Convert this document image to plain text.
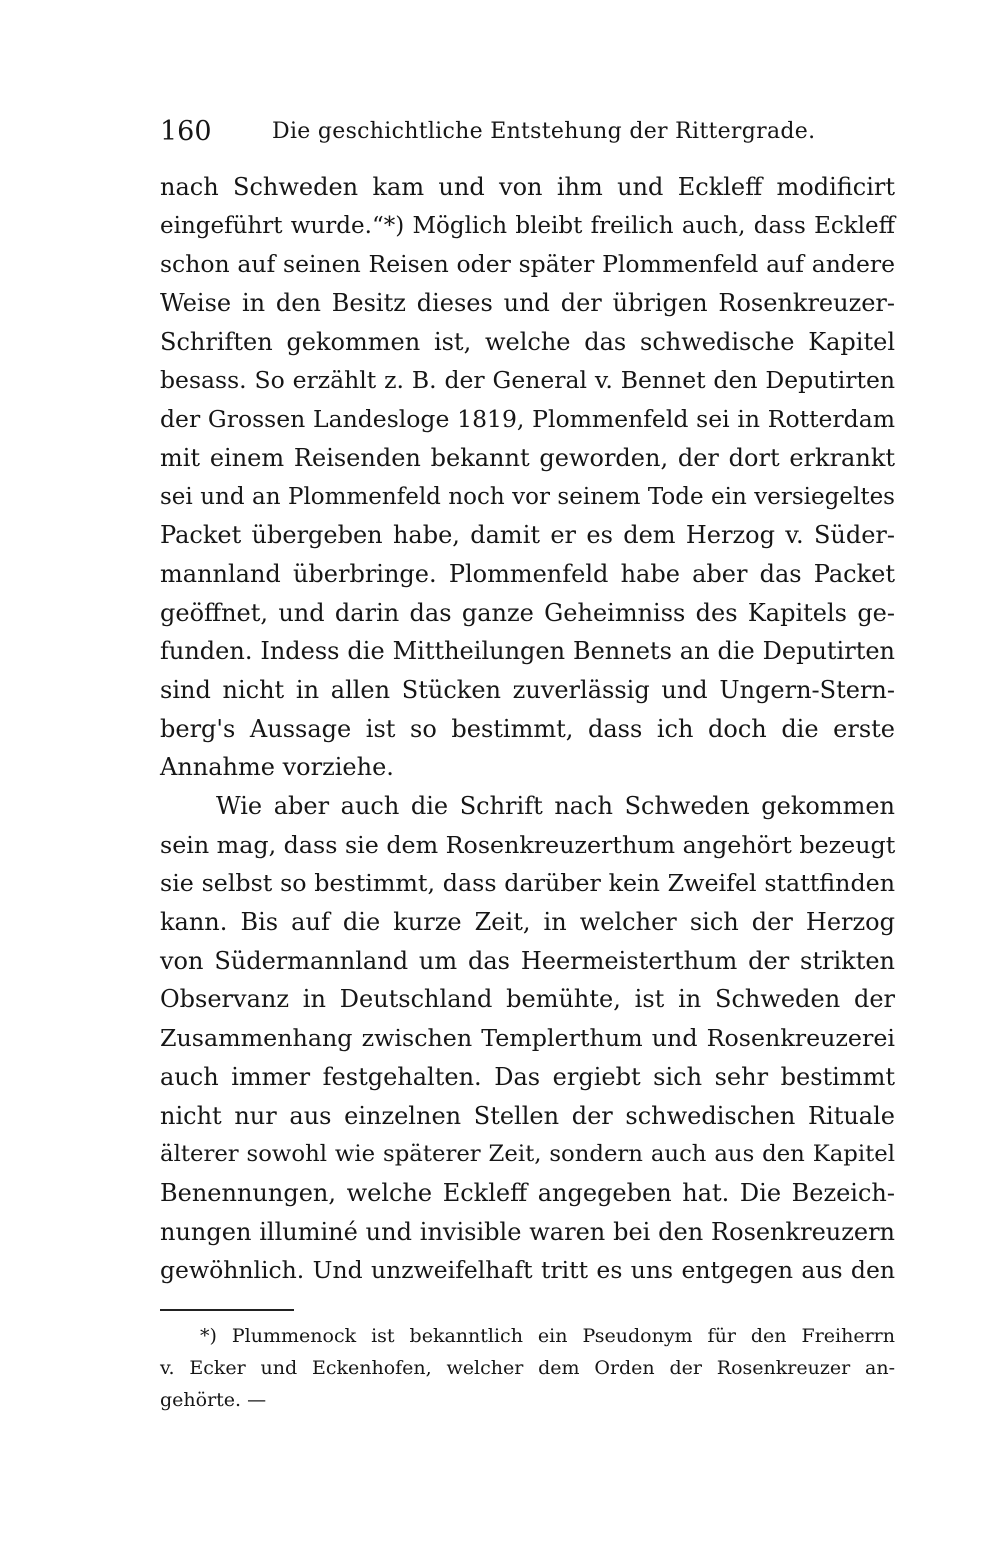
160	Die geschichtliche Entstehung der Rittergrade.
nach Schweden kam und von ihm und Eckleff modificirt
eingeführt wurde.“*) Möglich bleibt freilich auch, dass Eckleff
schon auf seinen Reisen oder später Plommenfeld auf andere
Weise in den Besitz dieses und der übrigen Rosenkreuzer-
Schriften gekommen ist, welche das schwedische Kapitel
besass. So erzählt z. B. der General v. Bennet den Deputirten
der Grossen Landesloge 1819, Plommenfeld sei in Rotterdam
mit einem Reisenden bekannt geworden, der dort erkrankt
sei und an Plommenfeld noch vor seinem Tode ein versiegeltes
Packet übergeben habe, damit er es dem Herzog v. Süder-
mannland überbringe. Plommenfeld habe aber das Packet
geöffnet, und darin das ganze Geheimniss des Kapitels ge-
funden. Indess die Mittheilungen Bennets an die Deputirten
sind nicht in allen Stücken zuverlässig und Ungern-Stern-
berg's Aussage ist so bestimmt, dass ich doch die erste
Annahme vorziehe.
Wie aber auch die Schrift nach Schweden gekommen
sein mag, dass sie dem Rosenkreuzerthum angehört bezeugt
sie selbst so bestimmt, dass darüber kein Zweifel stattfinden
kann. Bis auf die kurze Zeit, in welcher sich der Herzog
von Südermannland um das Heermeisterthum der strikten
Observanz in Deutschland bemühte, ist in Schweden der
Zusammenhang zwischen Templerthum und Rosenkreuzerei
auch immer festgehalten. Das ergiebt sich sehr bestimmt
nicht nur aus einzelnen Stellen der schwedischen Rituale
älterer sowohl wie späterer Zeit, sondern auch aus den Kapitel
Benennungen, welche Eckleff angegeben hat. Die Bezeich-
nungen illuminé und invisible waren bei den Rosenkreuzern
gewöhnlich. Und unzweifelhaft tritt es uns entgegen aus den
*) Plummenock ist bekanntlich ein Pseudonym für den Freiherrn
v. Ecker und Eckenhofen, welcher dem Orden der Rosenkreuzer an-
gehörte. —
